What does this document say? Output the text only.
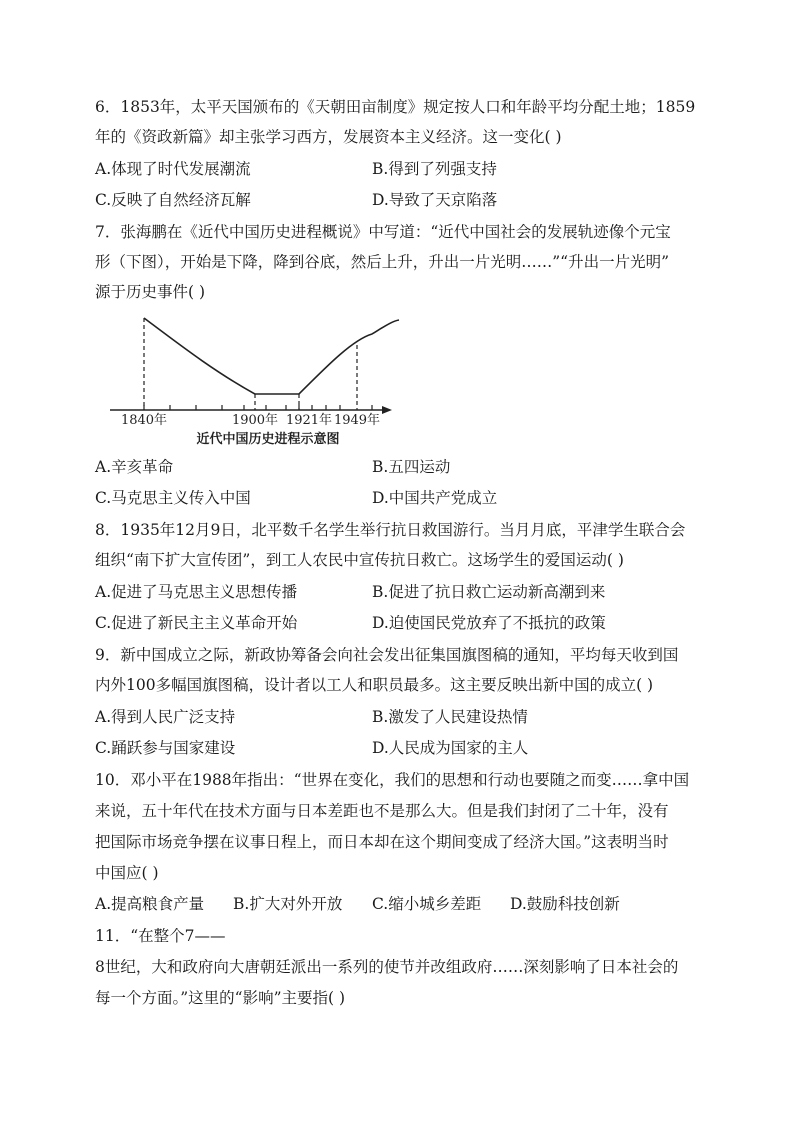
6．1853年，太平天国颁布的《天朝田亩制度》规定按人口和年龄平均分配土地；1859
年的《资政新篇》却主张学习西方，发展资本主义经济。这一变化( )
A.体现了时代发展潮流	B.得到了列强支持
C.反映了自然经济瓦解	D.导致了天京陷落
7．张海鹏在《近代中国历史进程概说》中写道：“近代中国社会的发展轨迹像个元宝
形（下图），开始是下降，降到谷底，然后上升，升出一片光明……”“升出一片光明”
源于历史事件( )
1840年	1900年 1921年 1949年
近代中国历史进程示意图
A.辛亥革命	B.五四运动
C.马克思主义传入中国	D.中国共产党成立
8．1935年12月9日，北平数千名学生举行抗日救国游行。当月月底，平津学生联合会
组织“南下扩大宣传团”，到工人农民中宣传抗日救亡。这场学生的爱国运动( )
A.促进了马克思主义思想传播	B.促进了抗日救亡运动新高潮到来
C.促进了新民主主义革命开始	D.迫使国民党放弃了不抵抗的政策
9．新中国成立之际，新政协筹备会向社会发出征集国旗图稿的通知，平均每天收到国
内外100多幅国旗图稿，设计者以工人和职员最多。这主要反映出新中国的成立( )
A.得到人民广泛支持	B.激发了人民建设热情
C.踊跃参与国家建设	D.人民成为国家的主人
10．邓小平在1988年指出：“世界在变化，我们的思想和行动也要随之而变……拿中国
来说，五十年代在技术方面与日本差距也不是那么大。但是我们封闭了二十年，没有
把国际市场竞争摆在议事日程上，而日本却在这个期间变成了经济大国。”这表明当时
中国应( )
A.提高粮食产量 B.扩大对外开放 C.缩小城乡差距 D.鼓励科技创新
11．“在整个7——
8世纪，大和政府向大唐朝廷派出一系列的使节并改组政府……深刻影响了日本社会的
每一个方面。”这里的“影响”主要指( )
